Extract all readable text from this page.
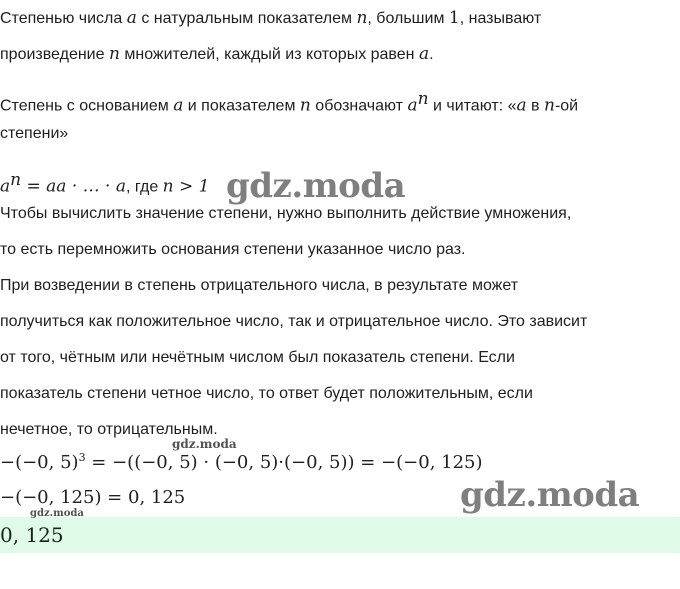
Степенью числа a с натуральным показателем n, большим 1, называют
произведение n множителей, каждый из которых равен a.
Степень с основанием a и показателем n обозначают $a^n$ и читают: «a в n-ой
степени»
$a^n$ = aa · … · a, где n > 1
Чтобы вычислить значение степени, нужно выполнить действие умножения,
то есть перемножить основания степени указанное число раз.
При возведении в степень отрицательного числа, в результате может
получиться как положительное число, так и отрицательное число. Это зависит
от того, чётным или нечётным числом был показатель степени. Если
показатель степени четное число, то ответ будет положительным, если
нечетное, то отрицательным.
−(−0, 5)$^3$ = −((−0, 5) · (−0, 5)·(−0, 5)) = −(−0, 125)
−(−0, 125) = 0, 125
0, 125
gdz.moda
gdz.moda
gdz.moda
gdz.moda
